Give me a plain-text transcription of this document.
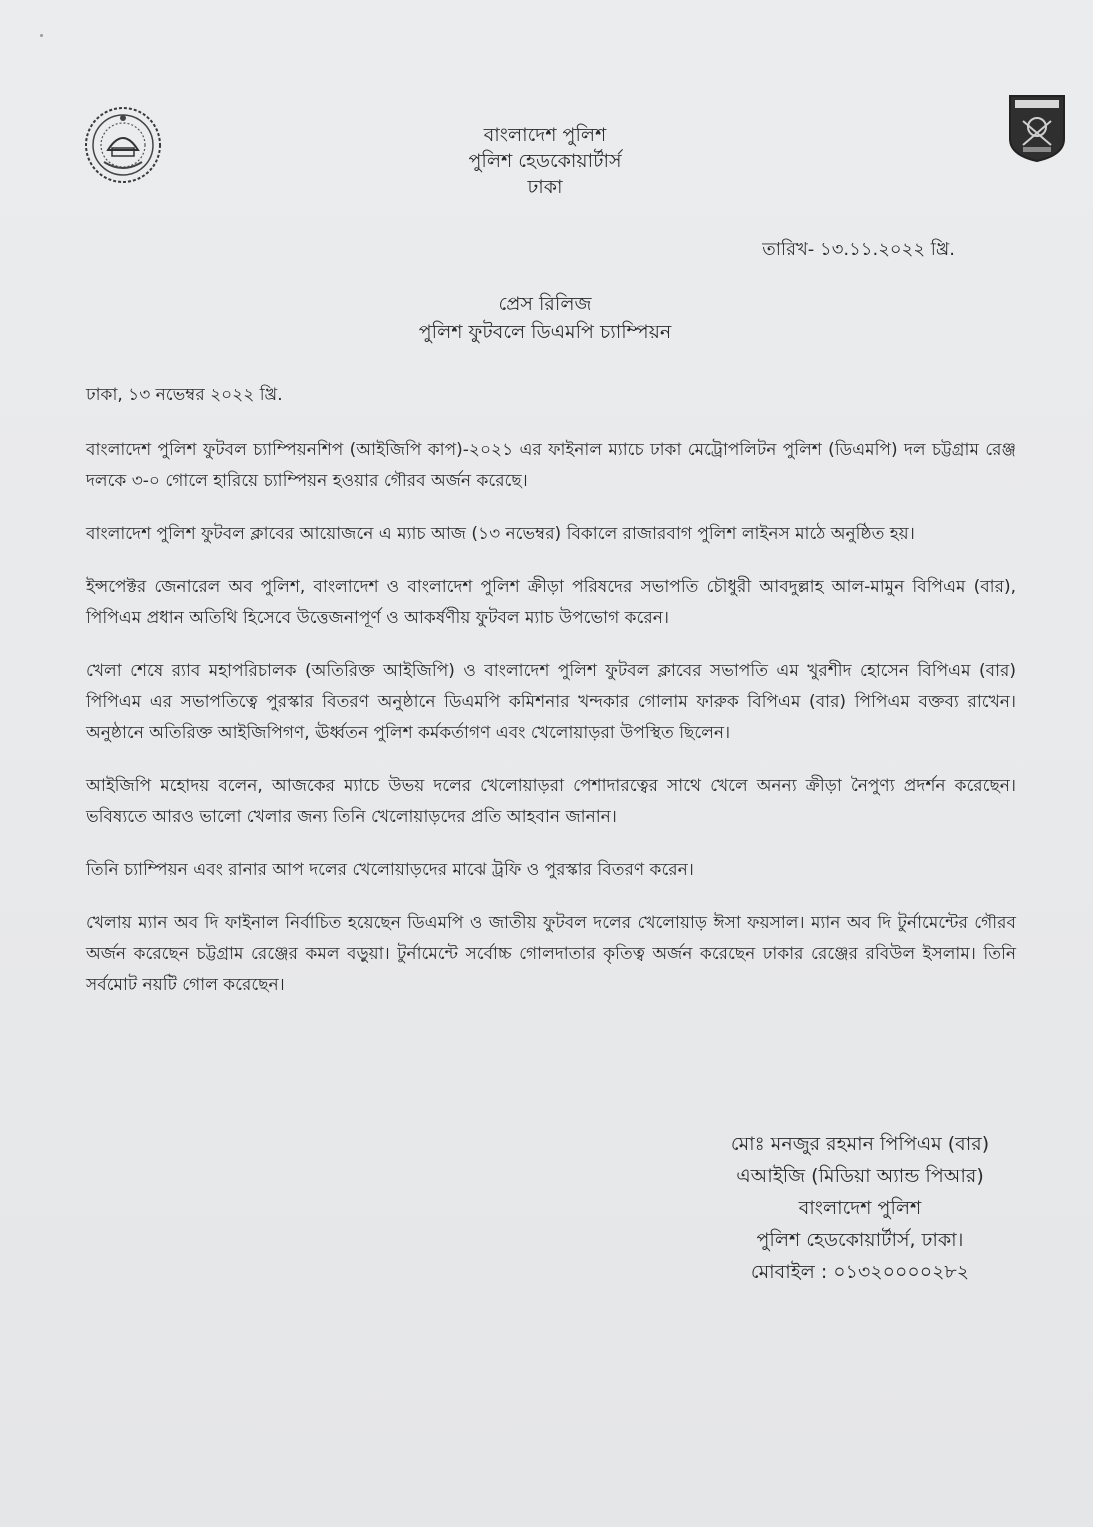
বাংলাদেশ পুলিশ
পুলিশ হেডকোয়ার্টার্স
ঢাকা
তারিখ- ১৩.১১.২০২২ খ্রি.
প্রেস রিলিজ
পুলিশ ফুটবলে ডিএমপি চ্যাম্পিয়ন

ঢাকা, ১৩ নভেম্বর ২০২২ খ্রি.

বাংলাদেশ পুলিশ ফুটবল চ্যাম্পিয়নশিপ (আইজিপি কাপ)-২০২১ এর ফাইনাল ম্যাচে ঢাকা মেট্রোপলিটন পুলিশ (ডিএমপি) দল চট্টগ্রাম রেঞ্জ দলকে ৩-০ গোলে হারিয়ে চ্যাম্পিয়ন হওয়ার গৌরব অর্জন করেছে।

বাংলাদেশ পুলিশ ফুটবল ক্লাবের আয়োজনে এ ম্যাচ আজ (১৩ নভেম্বর) বিকালে রাজারবাগ পুলিশ লাইনস মাঠে অনুষ্ঠিত হয়।

ইন্সপেক্টর জেনারেল অব পুলিশ, বাংলাদেশ ও বাংলাদেশ পুলিশ ক্রীড়া পরিষদের সভাপতি চৌধুরী আবদুল্লাহ আল-মামুন বিপিএম (বার), পিপিএম প্রধান অতিথি হিসেবে উত্তেজনাপূর্ণ ও আকর্ষণীয় ফুটবল ম্যাচ উপভোগ করেন।

খেলা শেষে র‍্যাব মহাপরিচালক (অতিরিক্ত আইজিপি) ও বাংলাদেশ পুলিশ ফুটবল ক্লাবের সভাপতি এম খুরশীদ হোসেন বিপিএম (বার) পিপিএম এর সভাপতিত্বে পুরস্কার বিতরণ অনুষ্ঠানে ডিএমপি কমিশনার খন্দকার গোলাম ফারুক বিপিএম (বার) পিপিএম বক্তব্য রাখেন। অনুষ্ঠানে অতিরিক্ত আইজিপিগণ, ঊর্ধ্বতন পুলিশ কর্মকর্তাগণ এবং খেলোয়াড়রা উপস্থিত ছিলেন।

আইজিপি মহোদয় বলেন, আজকের ম্যাচে উভয় দলের খেলোয়াড়রা পেশাদারত্বের সাথে খেলে অনন্য ক্রীড়া নৈপুণ্য প্রদর্শন করেছেন। ভবিষ্যতে আরও ভালো খেলার জন্য তিনি খেলোয়াড়দের প্রতি আহবান জানান।

তিনি চ্যাম্পিয়ন এবং রানার আপ দলের খেলোয়াড়দের মাঝে ট্রফি ও পুরস্কার বিতরণ করেন।

খেলায় ম্যান অব দি ফাইনাল নির্বাচিত হয়েছেন ডিএমপি ও জাতীয় ফুটবল দলের খেলোয়াড় ঈসা ফয়সাল। ম্যান অব দি টুর্নামেন্টের গৌরব অর্জন করেছেন চট্টগ্রাম রেঞ্জের কমল বড়ুয়া। টুর্নামেন্টে সর্বোচ্চ গোলদাতার কৃতিত্ব অর্জন করেছেন ঢাকার রেঞ্জের রবিউল ইসলাম। তিনি সর্বমোট নয়টি গোল করেছেন।

মোঃ মনজুর রহমান পিপিএম (বার)
এআইজি (মিডিয়া অ্যান্ড পিআর)
বাংলাদেশ পুলিশ
পুলিশ হেডকোয়ার্টার্স, ঢাকা।
মোবাইল : ০১৩২০০০০২৮২
